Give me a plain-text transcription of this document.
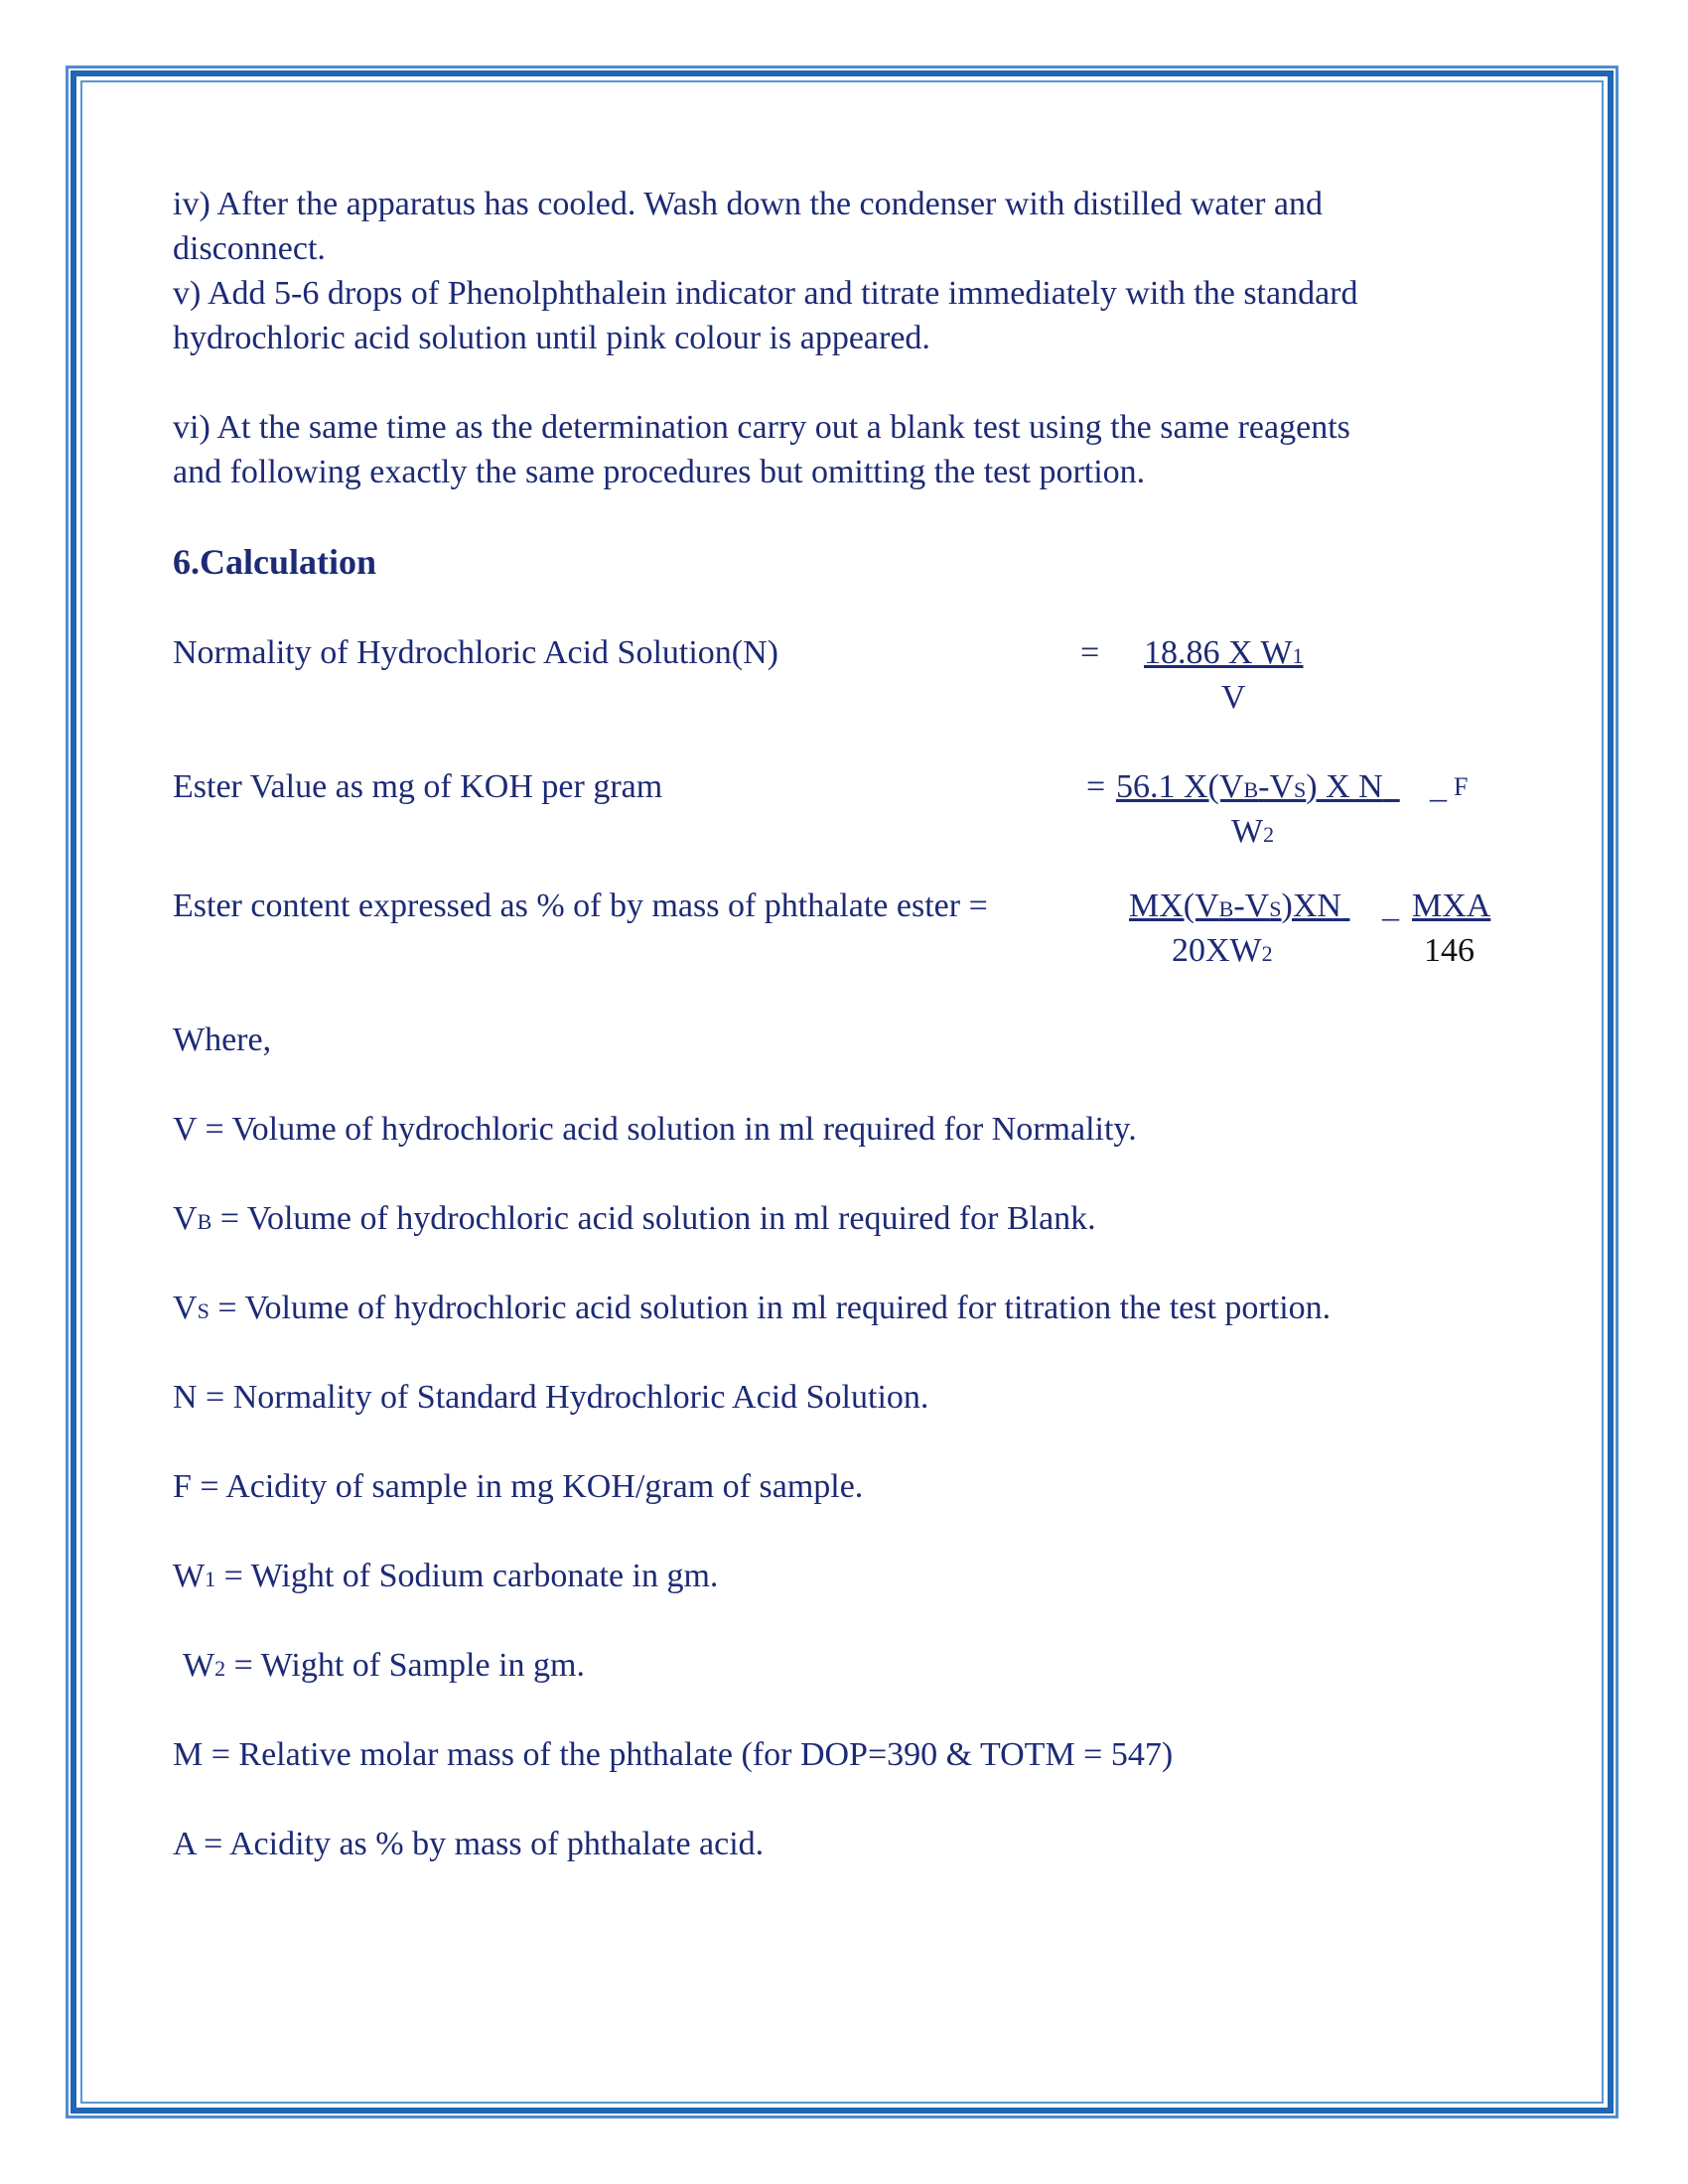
iv) After the apparatus has cooled. Wash down the condenser with distilled water and
disconnect.
v) Add 5-6 drops of Phenolphthalein indicator and titrate immediately with the standard
hydrochloric acid solution until pink colour is appeared.
vi) At the same time as the determination carry out a blank test using the same reagents
and following exactly the same procedures but omitting the test portion.
6.Calculation
Normality of Hydrochloric Acid Solution(N)	= 18.86 X W1
V
Ester Value as mg of KOH per gram	= 56.1 X(VB-VS) X N	_ F
W2
Ester content expressed as % of by mass of phthalate ester =	MX(VB-VS)XN
20XW2
_ MXA
146
Where,
V = Volume of hydrochloric acid solution in ml required for Normality.
VB = Volume of hydrochloric acid solution in ml required for Blank.
VS = Volume of hydrochloric acid solution in ml required for titration the test portion.
N = Normality of Standard Hydrochloric Acid Solution.
F = Acidity of sample in mg KOH/gram of sample.
W1 = Wight of Sodium carbonate in gm.
W2 = Wight of Sample in gm.
M = Relative molar mass of the phthalate (for DOP=390 & TOTM = 547)
A = Acidity as % by mass of phthalate acid.
